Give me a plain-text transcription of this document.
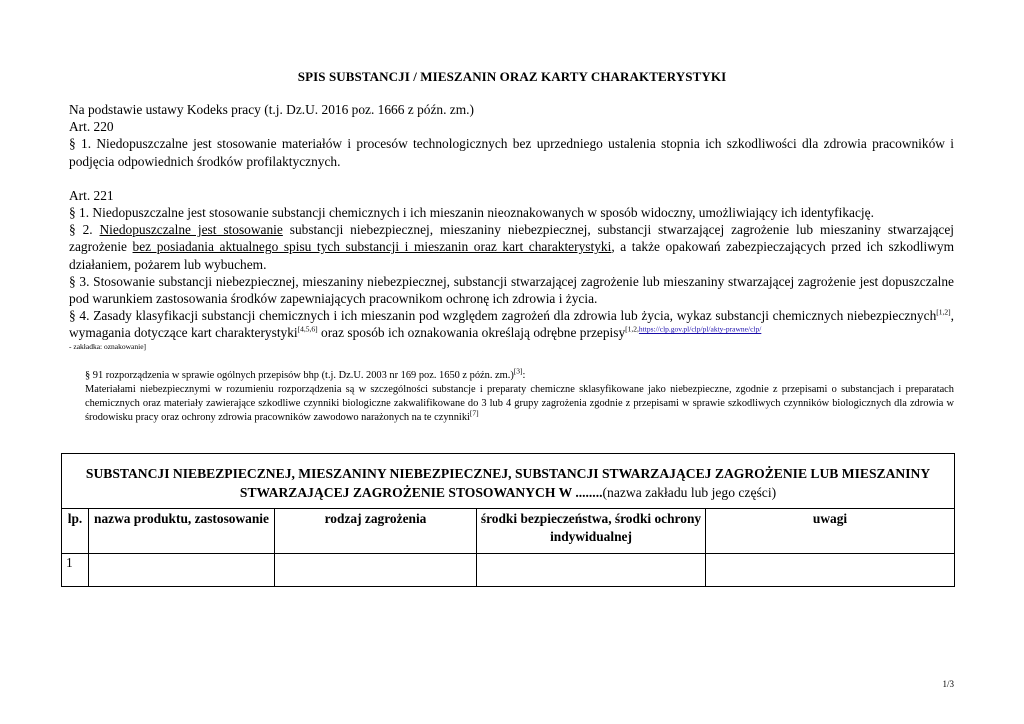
SPIS SUBSTANCJI / MIESZANIN ORAZ KARTY CHARAKTERYSTYKI

Na podstawie ustawy Kodeks pracy (t.j. Dz.U. 2016 poz. 1666 z późn. zm.)

Art. 220

§ 1. Niedopuszczalne jest stosowanie materiałów i procesów technologicznych bez uprzedniego ustalenia stopnia ich szkodliwości dla zdrowia pracowników i podjęcia odpowiednich środków profilaktycznych.

Art. 221

§ 1. Niedopuszczalne jest stosowanie substancji chemicznych i ich mieszanin nieoznakowanych w sposób widoczny, umożliwiający ich identyfikację.

§ 2. Niedopuszczalne jest stosowanie substancji niebezpiecznej, mieszaniny niebezpiecznej, substancji stwarzającej zagrożenie lub mieszaniny stwarzającej zagrożenie bez posiadania aktualnego spisu tych substancji i mieszanin oraz kart charakterystyki, a także opakowań zabezpieczających przed ich szkodliwym działaniem, pożarem lub wybuchem.

§ 3. Stosowanie substancji niebezpiecznej, mieszaniny niebezpiecznej, substancji stwarzającej zagrożenie lub mieszaniny stwarzającej zagrożenie jest dopuszczalne pod warunkiem zastosowania środków zapewniających pracownikom ochronę ich zdrowia i życia.

§ 4. Zasady klasyfikacji substancji chemicznych i ich mieszanin pod względem zagrożeń dla zdrowia lub życia, wykaz substancji chemicznych niebezpiecznych[1,2], wymagania dotyczące kart charakterystyki[4,5,6] oraz sposób ich oznakowania określają odrębne przepisy$^{[1,2,https://clp.gov.pl/clp/pl/akty-prawne/clp/}$

- zakładka: oznakowanie]

§ 91 rozporządzenia w sprawie ogólnych przepisów bhp (t.j. Dz.U. 2003 nr 169 poz. 1650 z późn. zm.)[3]:

Materiałami niebezpiecznymi w rozumieniu rozporządzenia są w szczególności substancje i preparaty chemiczne sklasyfikowane jako niebezpieczne, zgodnie z przepisami o substancjach i preparatach chemicznych oraz materiały zawierające szkodliwe czynniki biologiczne zakwalifikowane do 3 lub 4 grupy zagrożenia zgodnie z przepisami w sprawie szkodliwych czynników biologicznych dla zdrowia w środowisku pracy oraz ochrony zdrowia pracowników zawodowo narażonych na te czynniki[7]

SUBSTANCJI NIEBEZPIECZNEJ, MIESZANINY NIEBEZPIECZNEJ, SUBSTANCJI STWARZAJĄCEJ ZAGROŻENIE LUB MIESZANINY STWARZAJĄCEJ ZAGROŻENIE STOSOWANYCH W ........(nazwa zakładu lub jego części)				
lp.	nazwa produktu, zastosowanie	rodzaj zagrożenia	środki bezpieczeństwa, środki ochrony indywidualnej	uwagi
1				
1/3
